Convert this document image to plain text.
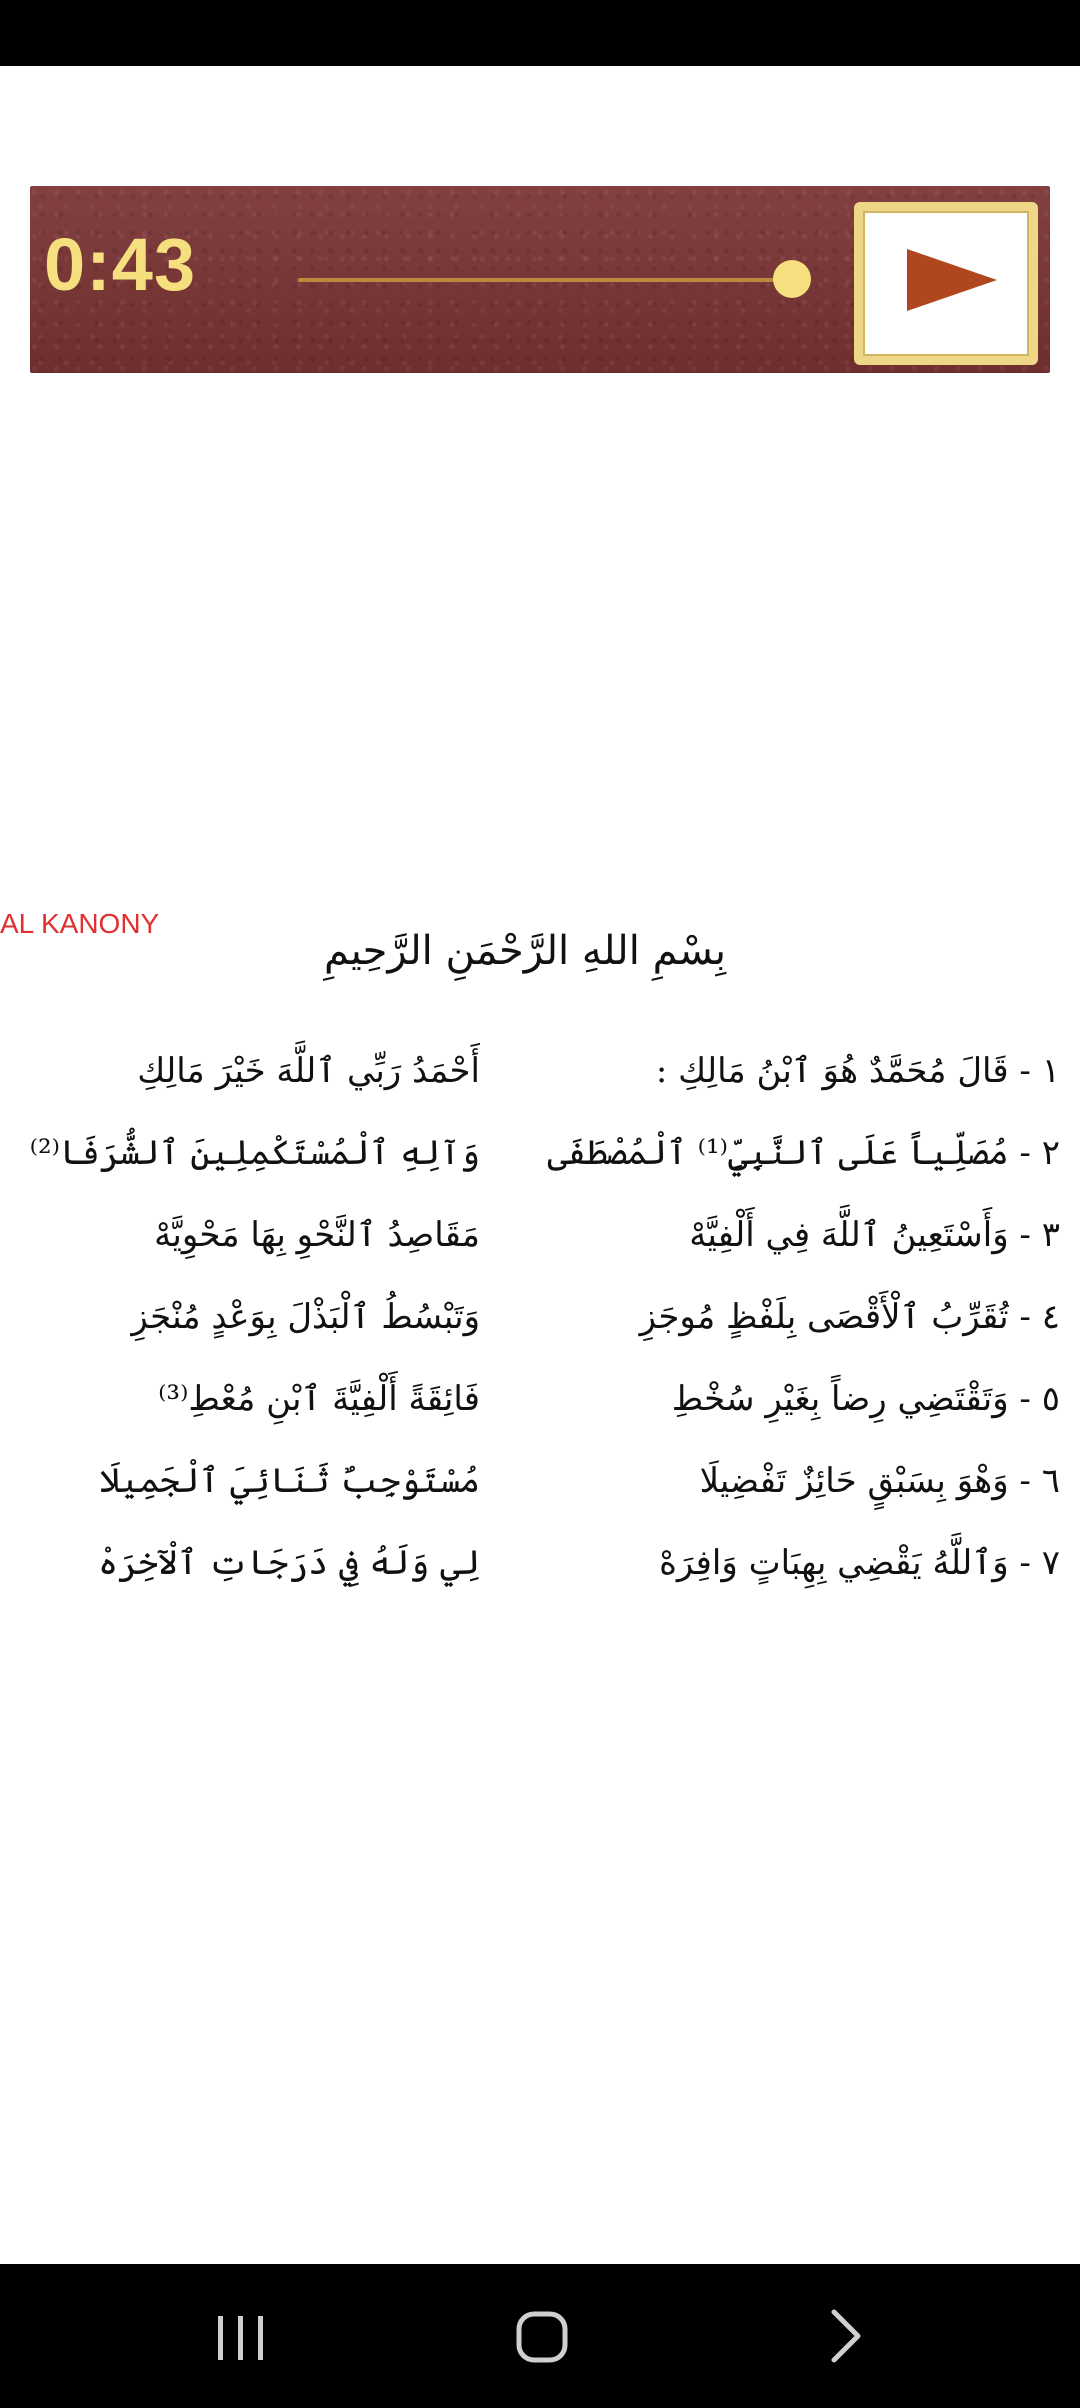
0:43
AL KANONY
بِسْمِ اللهِ الرَّحْمَنِ الرَّحِيمِ
١ - قَالَ مُحَمَّدٌ هُوَ ٱبْنُ مَالِكِ :
أَحْمَدُ رَبِّي ٱللَّهَ خَيْرَ مَالِكِ
٢ - مُصَلِّياً عَلَى ٱلنَّبِيِّ⁽¹⁾ ٱلْمُصْطَفَى
وَآلِهِ ٱلْمُسْتَكْمِلِينَ ٱلشُّرَفَا⁽²⁾
٣ - وَأَسْتَعِينُ ٱللَّهَ فِي أَلْفِيَّهْ
مَقَاصِدُ ٱلنَّحْوِ بِهَا مَحْوِيَّهْ
٤ - تُقَرِّبُ ٱلْأَقْصَى بِلَفْظٍ مُوجَزِ
وَتَبْسُطُ ٱلْبَذْلَ بِوَعْدٍ مُنْجَزِ
٥ - وَتَقْتَضِي رِضاً بِغَيْرِ سُخْطِ
فَائِقَةً أَلْفِيَّةَ ٱبْنِ مُعْطِ⁽³⁾
٦ - وَهْوَ بِسَبْقٍ حَائِزٌ تَفْضِيلَا
مُسْتَوْجِبٌ ثَنَائِيَ ٱلْجَمِيلَا
٧ - وَٱللَّهُ يَقْضِي بِهِبَاتٍ وَافِرَهْ
لِي وَلَهُ فِي دَرَجَاتِ ٱلْآخِرَهْ
